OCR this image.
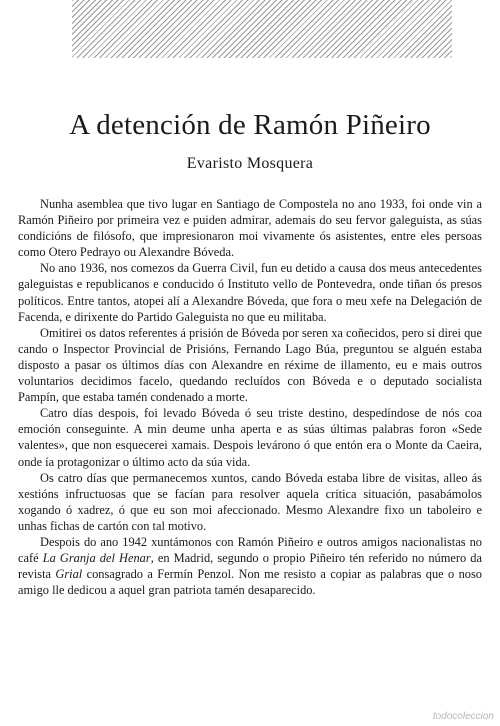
A detención de Ramón Piñeiro
Evaristo Mosquera

Nunha asemblea que tivo lugar en Santiago de Compostela no ano 1933, foi onde vin a Ramón Piñeiro por primeira vez e puiden admirar, ademais do seu fervor galeguista, as súas condicións de filósofo, que impresionaron moi vivamente ós asistentes, entre eles persoas como Otero Pedrayo ou Alexandre Bóveda.

No ano 1936, nos comezos da Guerra Civil, fun eu detido a causa dos meus antecedentes galeguistas e republicanos e conducido ó Instituto vello de Pontevedra, onde tiñan ós presos políticos. Entre tantos, atopei alí a Alexandre Bóveda, que fora o meu xefe na Delegación de Facenda, e dirixente do Partido Galeguista no que eu militaba.

Omitirei os datos referentes á prisión de Bóveda por seren xa coñecidos, pero si direi que cando o Inspector Provincial de Prisións, Fernando Lago Búa, preguntou se alguén estaba disposto a pasar os últimos días con Alexandre en réxime de illamento, eu e mais outros voluntarios decidimos facelo, quedando recluídos con Bóveda e o deputado socialista Pampín, que estaba tamén condenado a morte.

Catro días despois, foi levado Bóveda ó seu triste destino, despedíndose de nós coa emoción conseguinte. A min deume unha aperta e as súas últimas palabras foron «Sede valentes», que non esquecerei xamais. Despois levárono ó que entón era o Monte da Caeira, onde ía protagonizar o último acto da súa vida.

Os catro días que permanecemos xuntos, cando Bóveda estaba libre de visitas, alleo ás xestións infructuosas que se facían para resolver aquela crítica situación, pasabámolos xogando ó xadrez, ó que eu son moi afeccionado. Mesmo Alexandre fixo un taboleiro e unhas fichas de cartón con tal motivo.

Despois do ano 1942 xuntámonos con Ramón Piñeiro e outros amigos nacionalistas no café La Granja del Henar, en Madrid, segundo o propio Piñeiro tén referido no número da revista Grial consagrado a Fermín Penzol. Non me resisto a copiar as palabras que o noso amigo lle dedicou a aquel gran patriota tamén desaparecido.

todocoleccion
